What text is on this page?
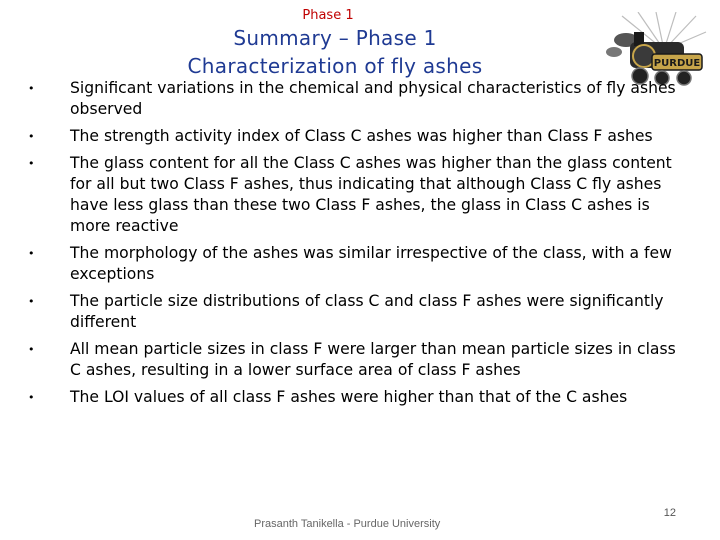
Phase 1
Summary – Phase 1
Characterization of fly ashes	PURDUE
• Significant variations in the chemical and physical characteristics of fly ashes observed
• The strength activity index of Class C ashes was higher than Class F ashes
• The glass content for all the Class C ashes was higher than the glass content for all but two Class F ashes, thus indicating that although Class C fly ashes have less glass than these two Class F ashes, the glass in Class C ashes is more reactive
• The morphology of the ashes was similar irrespective of the class, with a few exceptions
• The particle size distributions of class C and class F ashes were significantly different
• All mean particle sizes in class F were larger than mean particle sizes in class C ashes, resulting in a lower surface area of class F ashes
• The LOI values of all class F ashes were higher than that of the C ashes
Prasanth Tanikella - Purdue University
12
